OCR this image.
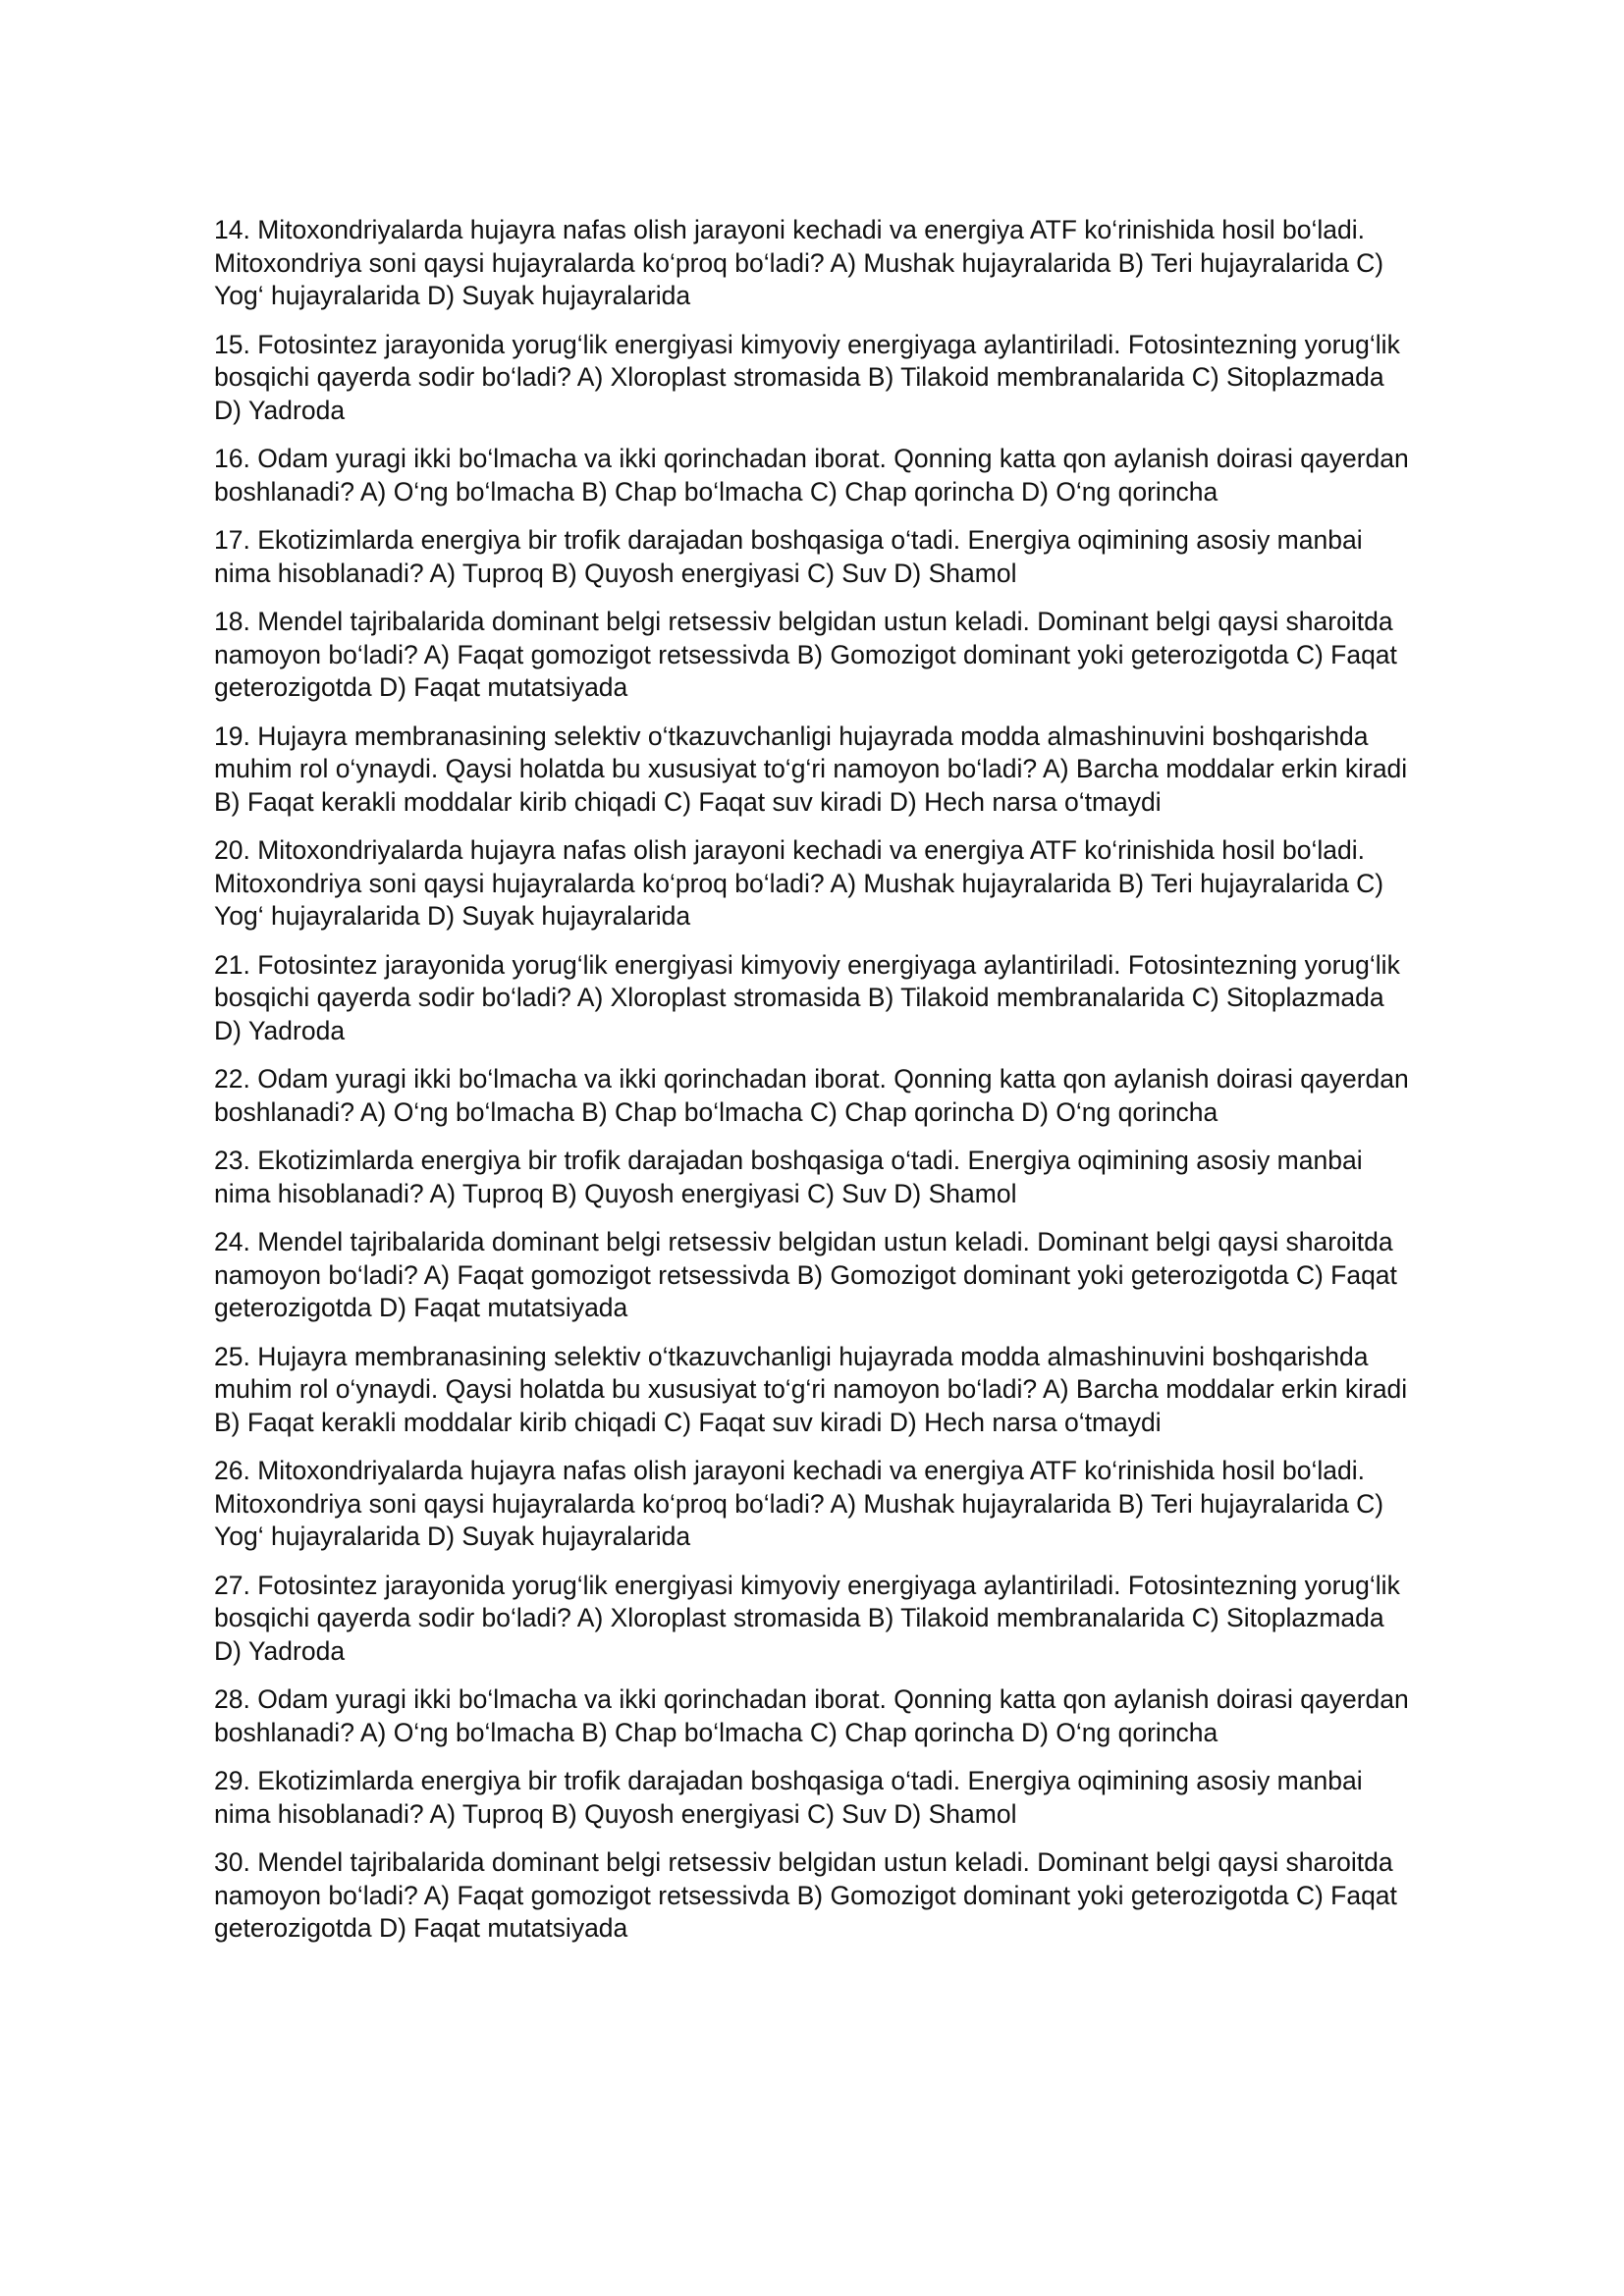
14. Mitoxondriyalarda hujayra nafas olish jarayoni kechadi va energiya ATF ko‘rinishida hosil bo‘ladi. Mitoxondriya soni qaysi hujayralarda ko‘proq bo‘ladi? A) Mushak hujayralarida B) Teri hujayralarida C) Yog‘ hujayralarida D) Suyak hujayralarida

15. Fotosintez jarayonida yorug‘lik energiyasi kimyoviy energiyaga aylantiriladi. Fotosintezning yorug‘lik bosqichi qayerda sodir bo‘ladi? A) Xloroplast stromasida B) Tilakoid membranalarida C) Sitoplazmada D) Yadroda

16. Odam yuragi ikki bo‘lmacha va ikki qorinchadan iborat. Qonning katta qon aylanish doirasi qayerdan boshlanadi? A) O‘ng bo‘lmacha B) Chap bo‘lmacha C) Chap qorincha D) O‘ng qorincha

17. Ekotizimlarda energiya bir trofik darajadan boshqasiga o‘tadi. Energiya oqimining asosiy manbai nima hisoblanadi? A) Tuproq B) Quyosh energiyasi C) Suv D) Shamol

18. Mendel tajribalarida dominant belgi retsessiv belgidan ustun keladi. Dominant belgi qaysi sharoitda namoyon bo‘ladi? A) Faqat gomozigot retsessivda B) Gomozigot dominant yoki geterozigotda C) Faqat geterozigotda D) Faqat mutatsiyada

19. Hujayra membranasining selektiv o‘tkazuvchanligi hujayrada modda almashinuvini boshqarishda muhim rol o‘ynaydi. Qaysi holatda bu xususiyat to‘g‘ri namoyon bo‘ladi? A) Barcha moddalar erkin kiradi B) Faqat kerakli moddalar kirib chiqadi C) Faqat suv kiradi D) Hech narsa o‘tmaydi

20. Mitoxondriyalarda hujayra nafas olish jarayoni kechadi va energiya ATF ko‘rinishida hosil bo‘ladi. Mitoxondriya soni qaysi hujayralarda ko‘proq bo‘ladi? A) Mushak hujayralarida B) Teri hujayralarida C) Yog‘ hujayralarida D) Suyak hujayralarida

21. Fotosintez jarayonida yorug‘lik energiyasi kimyoviy energiyaga aylantiriladi. Fotosintezning yorug‘lik bosqichi qayerda sodir bo‘ladi? A) Xloroplast stromasida B) Tilakoid membranalarida C) Sitoplazmada D) Yadroda

22. Odam yuragi ikki bo‘lmacha va ikki qorinchadan iborat. Qonning katta qon aylanish doirasi qayerdan boshlanadi? A) O‘ng bo‘lmacha B) Chap bo‘lmacha C) Chap qorincha D) O‘ng qorincha

23. Ekotizimlarda energiya bir trofik darajadan boshqasiga o‘tadi. Energiya oqimining asosiy manbai nima hisoblanadi? A) Tuproq B) Quyosh energiyasi C) Suv D) Shamol

24. Mendel tajribalarida dominant belgi retsessiv belgidan ustun keladi. Dominant belgi qaysi sharoitda namoyon bo‘ladi? A) Faqat gomozigot retsessivda B) Gomozigot dominant yoki geterozigotda C) Faqat geterozigotda D) Faqat mutatsiyada

25. Hujayra membranasining selektiv o‘tkazuvchanligi hujayrada modda almashinuvini boshqarishda muhim rol o‘ynaydi. Qaysi holatda bu xususiyat to‘g‘ri namoyon bo‘ladi? A) Barcha moddalar erkin kiradi B) Faqat kerakli moddalar kirib chiqadi C) Faqat suv kiradi D) Hech narsa o‘tmaydi

26. Mitoxondriyalarda hujayra nafas olish jarayoni kechadi va energiya ATF ko‘rinishida hosil bo‘ladi. Mitoxondriya soni qaysi hujayralarda ko‘proq bo‘ladi? A) Mushak hujayralarida B) Teri hujayralarida C) Yog‘ hujayralarida D) Suyak hujayralarida

27. Fotosintez jarayonida yorug‘lik energiyasi kimyoviy energiyaga aylantiriladi. Fotosintezning yorug‘lik bosqichi qayerda sodir bo‘ladi? A) Xloroplast stromasida B) Tilakoid membranalarida C) Sitoplazmada D) Yadroda

28. Odam yuragi ikki bo‘lmacha va ikki qorinchadan iborat. Qonning katta qon aylanish doirasi qayerdan boshlanadi? A) O‘ng bo‘lmacha B) Chap bo‘lmacha C) Chap qorincha D) O‘ng qorincha

29. Ekotizimlarda energiya bir trofik darajadan boshqasiga o‘tadi. Energiya oqimining asosiy manbai nima hisoblanadi? A) Tuproq B) Quyosh energiyasi C) Suv D) Shamol

30. Mendel tajribalarida dominant belgi retsessiv belgidan ustun keladi. Dominant belgi qaysi sharoitda namoyon bo‘ladi? A) Faqat gomozigot retsessivda B) Gomozigot dominant yoki geterozigotda C) Faqat geterozigotda D) Faqat mutatsiyada
